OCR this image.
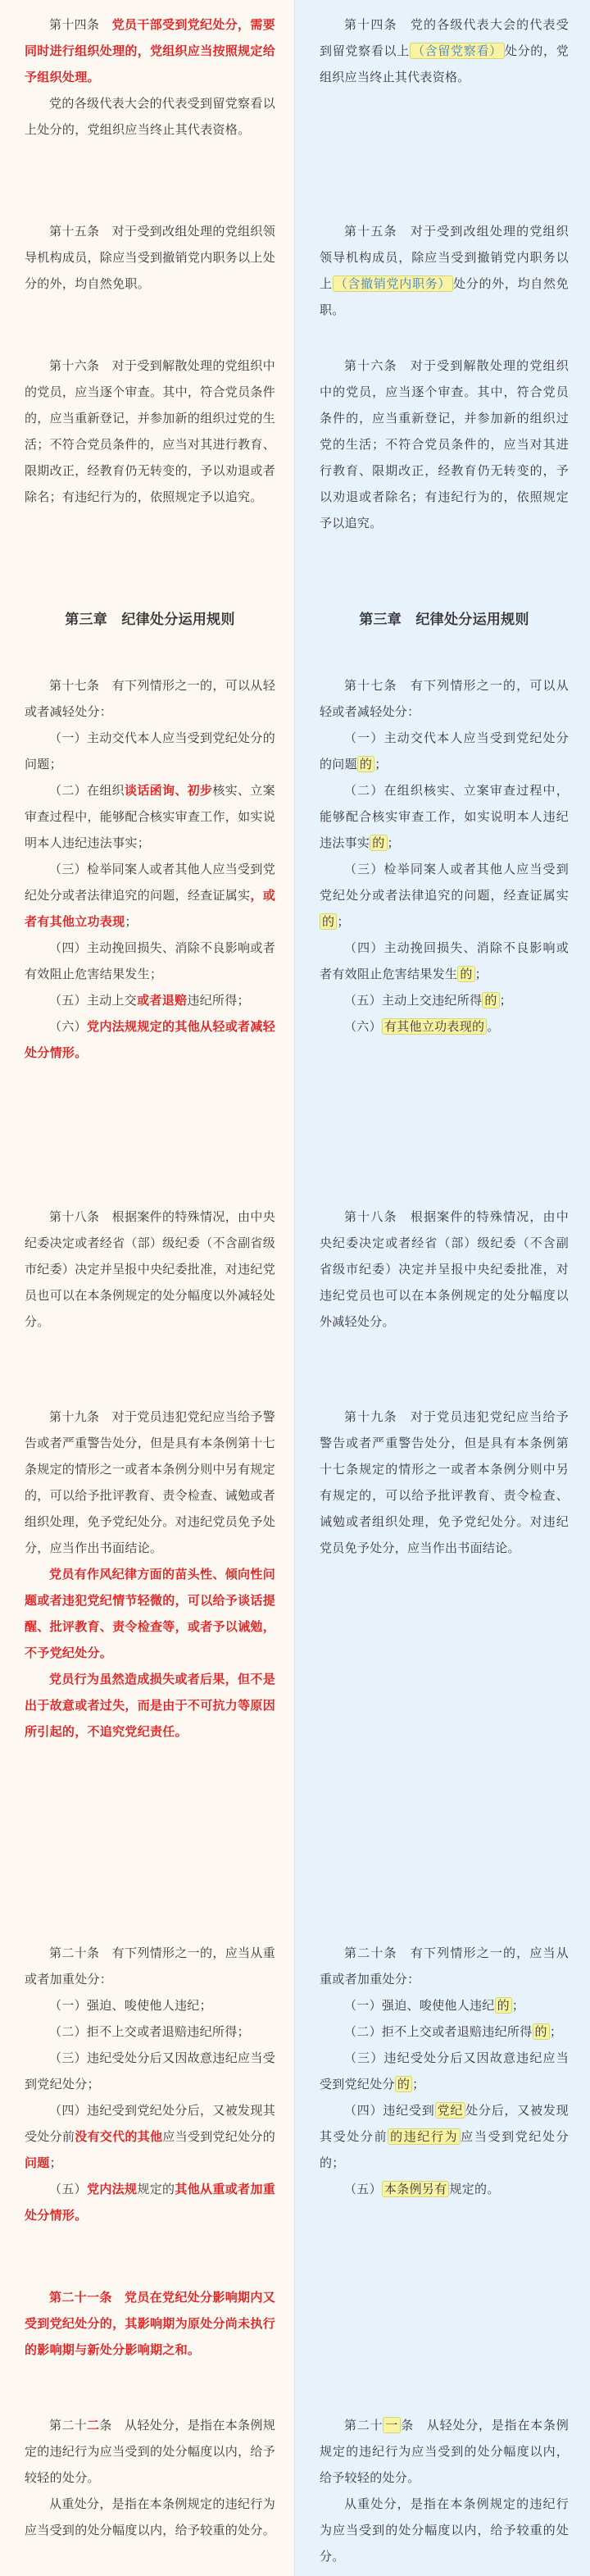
第十四条　党员干部受到党纪处分，需要同时进行组织处理的，党组织应当按照规定给予组织处理。

党的各级代表大会的代表受到留党察看以上处分的，党组织应当终止其代表资格。

第十五条　对于受到改组处理的党组织领导机构成员，除应当受到撤销党内职务以上处分的外，均自然免职。

第十六条　对于受到解散处理的党组织中的党员，应当逐个审查。其中，符合党员条件的，应当重新登记，并参加新的组织过党的生活；不符合党员条件的，应当对其进行教育、限期改正，经教育仍无转变的，予以劝退或者除名；有违纪行为的，依照规定予以追究。

第三章　纪律处分运用规则

第十七条　有下列情形之一的，可以从轻或者减轻处分：

（一）主动交代本人应当受到党纪处分的问题；

（二）在组织谈话函询、初步核实、立案审查过程中，能够配合核实审查工作，如实说明本人违纪违法事实；

（三）检举同案人或者其他人应当受到党纪处分或者法律追究的问题，经查证属实，或者有其他立功表现；

（四）主动挽回损失、消除不良影响或者有效阻止危害结果发生；

（五）主动上交或者退赔违纪所得；

（六）党内法规规定的其他从轻或者减轻处分情形。

第十八条　根据案件的特殊情况，由中央纪委决定或者经省（部）级纪委（不含副省级市纪委）决定并呈报中央纪委批准，对违纪党员也可以在本条例规定的处分幅度以外减轻处分。

第十九条　对于党员违犯党纪应当给予警告或者严重警告处分，但是具有本条例第十七条规定的情形之一或者本条例分则中另有规定的，可以给予批评教育、责令检查、诫勉或者组织处理，免予党纪处分。对违纪党员免予处分，应当作出书面结论。

党员有作风纪律方面的苗头性、倾向性问题或者违犯党纪情节轻微的，可以给予谈话提醒、批评教育、责令检查等，或者予以诫勉，不予党纪处分。

党员行为虽然造成损失或者后果，但不是出于故意或者过失，而是由于不可抗力等原因所引起的，不追究党纪责任。

第二十条　有下列情形之一的，应当从重或者加重处分：

（一）强迫、唆使他人违纪；

（二）拒不上交或者退赔违纪所得；

（三）违纪受处分后又因故意违纪应当受到党纪处分；

（四）违纪受到党纪处分后，又被发现其受处分前没有交代的其他应当受到党纪处分的问题；

（五）党内法规规定的其他从重或者加重处分情形。

第二十一条　党员在党纪处分影响期内又受到党纪处分的，其影响期为原处分尚未执行的影响期与新处分影响期之和。

第二十二条　从轻处分，是指在本条例规定的违纪行为应当受到的处分幅度以内，给予较轻的处分。

从重处分，是指在本条例规定的违纪行为应当受到的处分幅度以内，给予较重的处分。

第十四条　党的各级代表大会的代表受到留党察看以上 （含留党察看） 处分的，党组织应当终止其代表资格。

第十五条　对于受到改组处理的党组织领导机构成员，除应当受到撤销党内职务以上 （含撤销党内职务） 处分的外，均自然免职。

第十六条　对于受到解散处理的党组织中的党员，应当逐个审查。其中，符合党员条件的，应当重新登记，并参加新的组织过党的生活；不符合党员条件的，应当对其进行教育、限期改正，经教育仍无转变的，予以劝退或者除名；有违纪行为的，依照规定予以追究。

第三章　纪律处分运用规则

第十七条　有下列情形之一的，可以从轻或者减轻处分：

（一）主动交代本人应当受到党纪处分的问题 的 ；

（二）在组织核实、立案审查过程中，能够配合核实审查工作，如实说明本人违纪违法事实 的 ；

（三）检举同案人或者其他人应当受到党纪处分或者法律追究的问题，经查证属实的 ；

（四）主动挽回损失、消除不良影响或者有效阻止危害结果发生 的 ；

（五）主动上交违纪所得 的 ；

（六） 有其他立功表现的 。

第十八条　根据案件的特殊情况，由中央纪委决定或者经省（部）级纪委（不含副省级市纪委）决定并呈报中央纪委批准，对违纪党员也可以在本条例规定的处分幅度以外减轻处分。

第十九条　对于党员违犯党纪应当给予警告或者严重警告处分，但是具有本条例第十七条规定的情形之一或者本条例分则中另有规定的，可以给予批评教育、责令检查、诫勉或者组织处理，免予党纪处分。对违纪党员免予处分，应当作出书面结论。

第二十条　有下列情形之一的，应当从重或者加重处分：

（一）强迫、唆使他人违纪 的 ；

（二）拒不上交或者退赔违纪所得 的 ；

（三）违纪受处分后又因故意违纪应当受到党纪处分 的 ；

（四）违纪受到 党纪 处分后，又被发现其受处分前 的违纪行为 应当受到党纪处分的；

（五） 本条例另有 规定的。

第二十 一 条　从轻处分，是指在本条例规定的违纪行为应当受到的处分幅度以内，给予较轻的处分。

从重处分，是指在本条例规定的违纪行为应当受到的处分幅度以内，给予较重的处分。
